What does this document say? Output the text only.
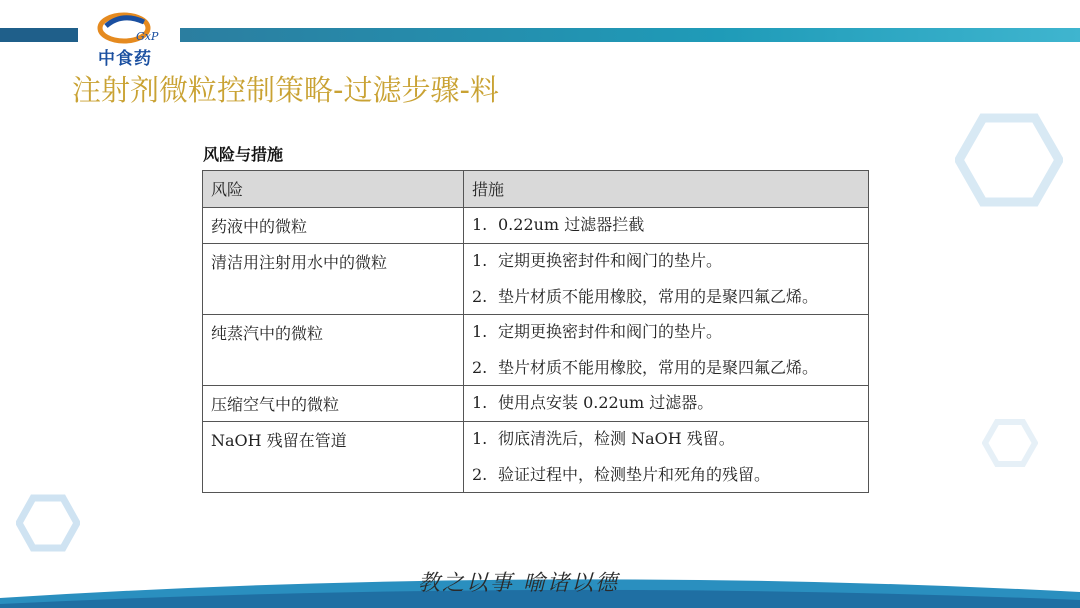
GxP
中食药
注射剂微粒控制策略-过滤步骤-料
风险与措施
风险	措施
药液中的微粒	1. 0.22um 过滤器拦截

清洁用注射用水中的微粒	1. 定期更换密封件和阀门的垫片。
2. 垫片材质不能用橡胶，常用的是聚四氟乙烯。

纯蒸汽中的微粒	1. 定期更换密封件和阀门的垫片。
2. 垫片材质不能用橡胶，常用的是聚四氟乙烯。

压缩空气中的微粒	1. 使用点安装 0.22um 过滤器。

NaOH 残留在管道	1. 彻底清洗后，检测 NaOH 残留。
2. 验证过程中，检测垫片和死角的残留。
教之以事 喻诸以德
